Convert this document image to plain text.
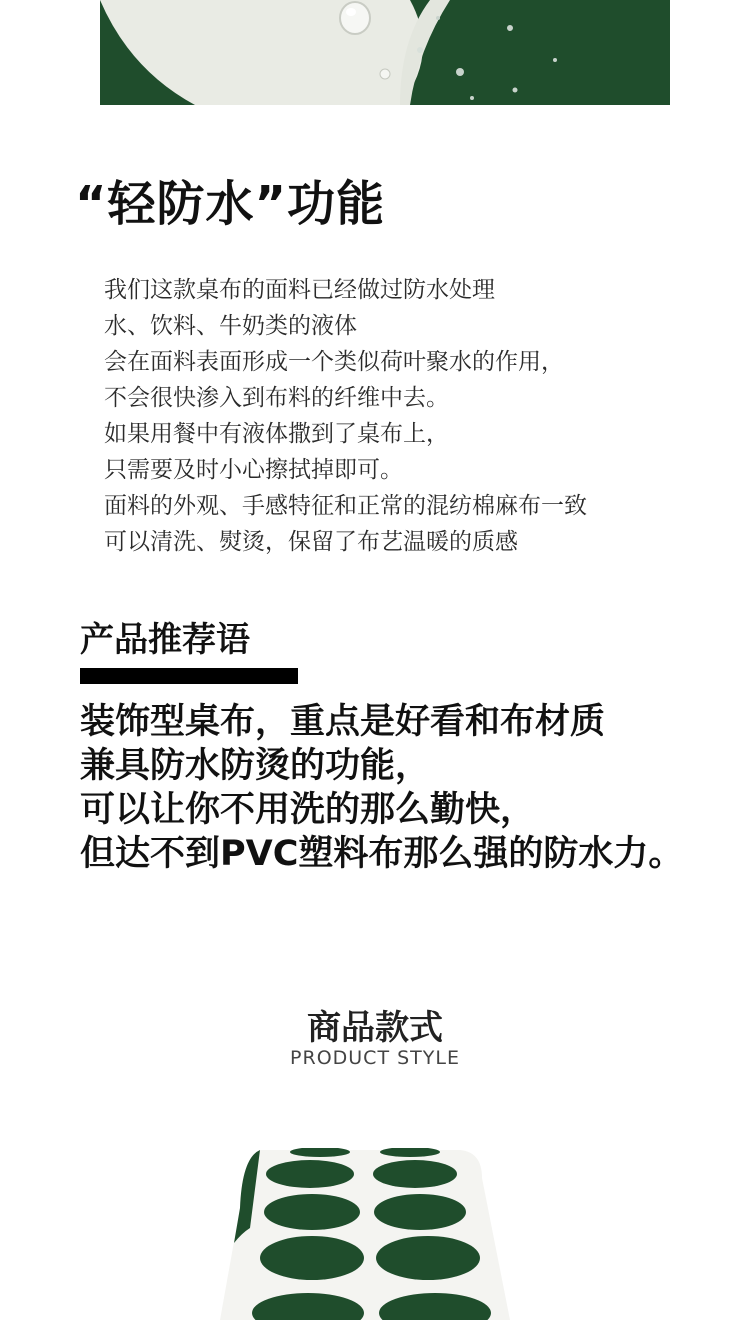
“轻防水”功能
我们这款桌布的面料已经做过防水处理
水、饮料、牛奶类的液体
会在面料表面形成一个类似荷叶聚水的作用，
不会很快渗入到布料的纤维中去。
如果用餐中有液体撒到了桌布上，
只需要及时小心擦拭掉即可。
面料的外观、手感特征和正常的混纺棉麻布一致
可以清洗、熨烫，保留了布艺温暖的质感
产品推荐语
装饰型桌布，重点是好看和布材质
兼具防水防烫的功能，
可以让你不用洗的那么勤快，
但达不到PVC塑料布那么强的防水力。
商品款式
PRODUCT STYLE
